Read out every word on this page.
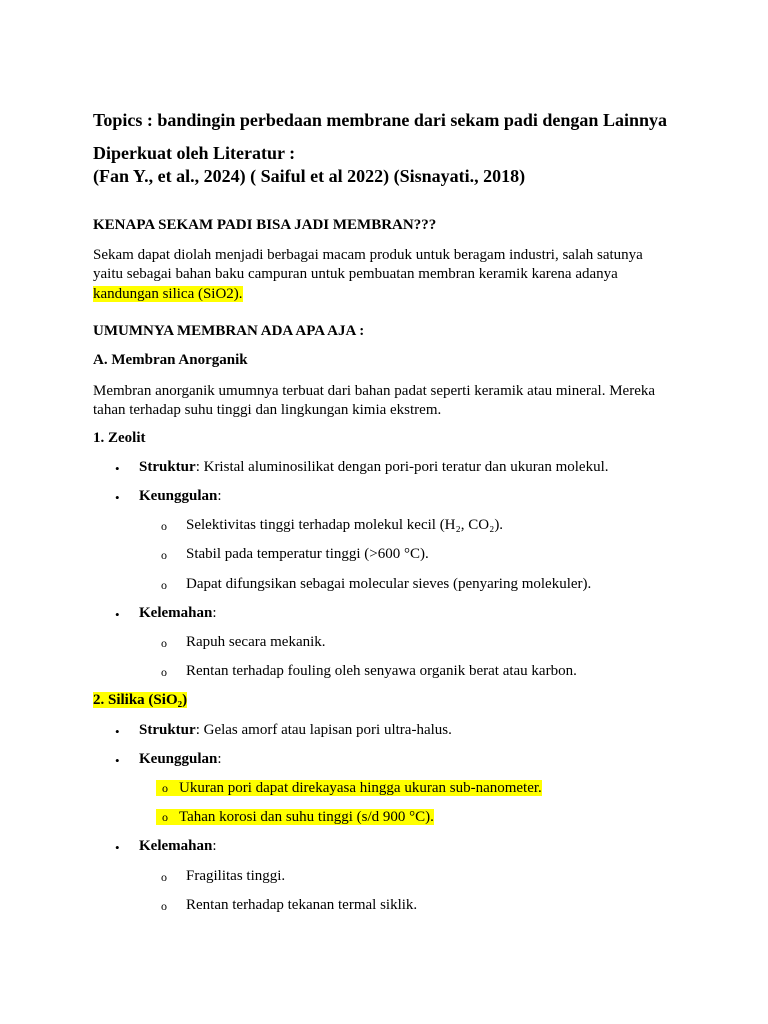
Topics : bandingin perbedaan membrane dari sekam padi dengan Lainnya
Diperkuat oleh Literatur :
(Fan Y., et al., 2024) ( Saiful et al 2022) (Sisnayati., 2018)
KENAPA SEKAM PADI BISA JADI MEMBRAN???
Sekam dapat diolah menjadi berbagai macam produk untuk beragam industri, salah satunya
yaitu sebagai bahan baku campuran untuk pembuatan membran keramik karena adanya
kandungan silica (SiO2).
UMUMNYA MEMBRAN ADA APA AJA :
A. Membran Anorganik
Membran anorganik umumnya terbuat dari bahan padat seperti keramik atau mineral. Mereka
tahan terhadap suhu tinggi dan lingkungan kimia ekstrem.
1. Zeolit
• Struktur: Kristal aluminosilikat dengan pori-pori teratur dan ukuran molekul.
• Keunggulan:
o Selektivitas tinggi terhadap molekul kecil (H₂, CO₂).
o Stabil pada temperatur tinggi (>600 °C).
o Dapat difungsikan sebagai molecular sieves (penyaring molekuler).
• Kelemahan:
o Rapuh secara mekanik.
o Rentan terhadap fouling oleh senyawa organik berat atau karbon.
2. Silika (SiO₂)
• Struktur: Gelas amorf atau lapisan pori ultra-halus.
• Keunggulan:
o Ukuran pori dapat direkayasa hingga ukuran sub-nanometer.
o Tahan korosi dan suhu tinggi (s/d 900 °C).
• Kelemahan:
o Fragilitas tinggi.
o Rentan terhadap tekanan termal siklik.
